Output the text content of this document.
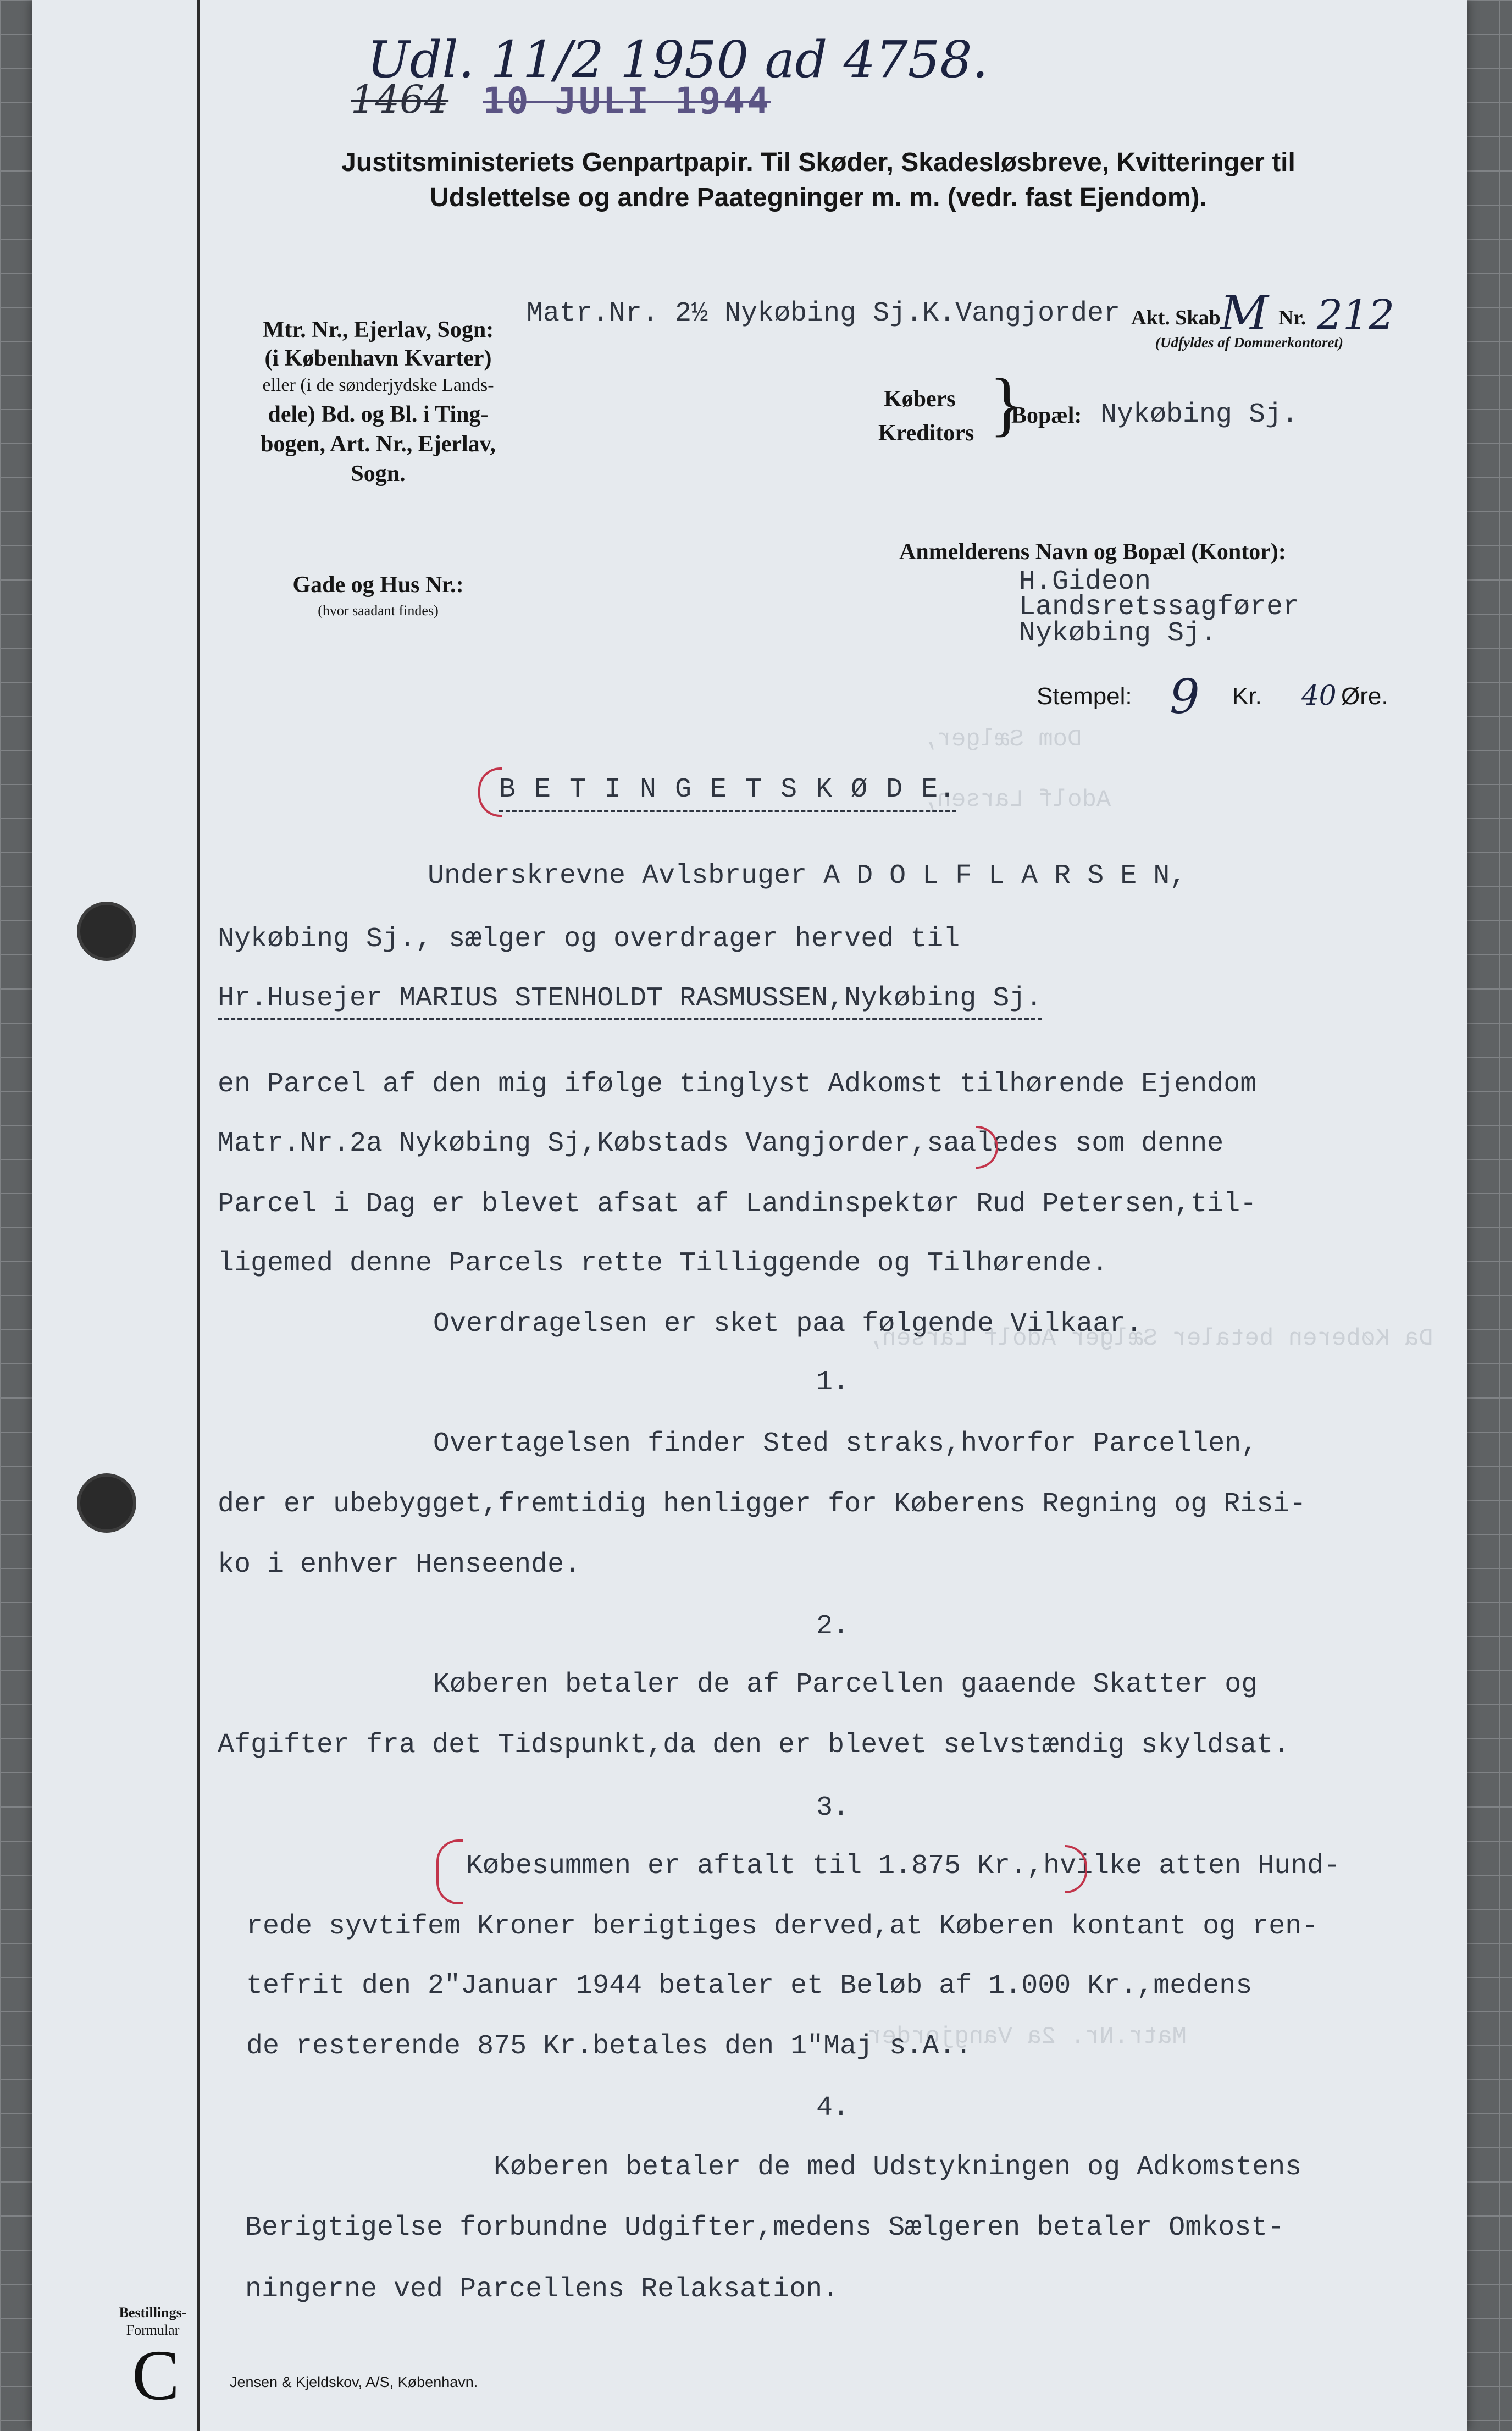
Udl. 11/2 1950 ad 4758.
1464 10 JULI 1944
Justitsministeriets Genpartpapir. Til Skøder, Skadesløsbreve, Kvitteringer til
Udslettelse og andre Paategninger m. m. (vedr. fast Ejendom).
Mtr. Nr., Ejerlav, Sogn:
(i København Kvarter)
eller (i de sønderjydske Lands-
dele) Bd. og Bl. i Ting-
bogen, Art. Nr., Ejerlav,
Sogn.
Gade og Hus Nr.:
(hvor saadant findes)
Matr.Nr. 2½ Nykøbing Sj.K.Vangjorder Akt. Skab M Nr. 212
(Udfyldes af Dommerkontoret)
Købers
Kreditors }
Bopæl: Nykøbing Sj.
Anmelderens Navn og Bopæl (Kontor):
H.Gideon
Landsretssagfører
Nykøbing Sj.
Stempel: 9 Kr. 40 Øre.
Dom Sælger,
Adolf Larsen,
Da Køberen betaler Sælger Adolf Larsen,
Matr.Nr. 2a Vangjorder
B E T I N G E T S K Ø D E.
Underskrevne Avlsbruger A D O L F L A R S E N,
Nykøbing Sj., sælger og overdrager herved til
Hr.Husejer MARIUS STENHOLDT RASMUSSEN,Nykøbing Sj.
en Parcel af den mig ifølge tinglyst Adkomst tilhørende Ejendom
Matr.Nr.2a Nykøbing Sj,Købstads Vangjorder,saaledes som denne
Parcel i Dag er blevet afsat af Landinspektør Rud Petersen,til-
ligemed denne Parcels rette Tilliggende og Tilhørende.
Overdragelsen er sket paa følgende Vilkaar.
1.
Overtagelsen finder Sted straks,hvorfor Parcellen,
der er ubebygget,fremtidig henligger for Køberens Regning og Risi-
ko i enhver Henseende.
2.
Køberen betaler de af Parcellen gaaende Skatter og
Afgifter fra det Tidspunkt,da den er blevet selvstændig skyldsat.
3.
Købesummen er aftalt til 1.875 Kr.,hvilke atten Hund-
rede syvtifem Kroner berigtiges derved,at Køberen kontant og ren-
tefrit den 2"Januar 1944 betaler et Beløb af 1.000 Kr.,medens
de resterende 875 Kr.betales den 1"Maj s.A..
4.
Køberen betaler de med Udstykningen og Adkomstens
Berigtigelse forbundne Udgifter,medens Sælgeren betaler Omkost-
ningerne ved Parcellens Relaksation.
Bestillings-
Formular
C	Jensen & Kjeldskov, A/S, København.
